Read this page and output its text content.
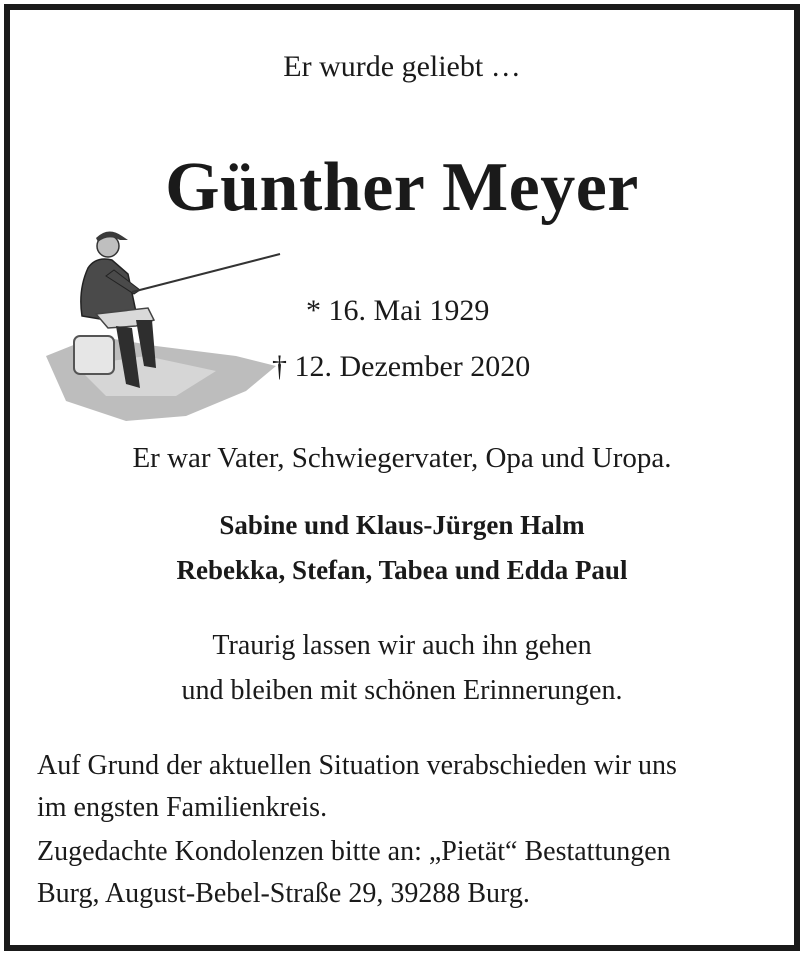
Er wurde geliebt …
Günther Meyer
* 16. Mai 1929
† 12. Dezember 2020
Er war Vater, Schwiegervater, Opa und Uropa.
Sabine und Klaus-Jürgen Halm
Rebekka, Stefan, Tabea und Edda Paul
Traurig lassen wir auch ihn gehen
und bleiben mit schönen Erinnerungen.
Auf Grund der aktuellen Situation verabschieden wir uns
im engsten Familienkreis.
Zugedachte Kondolenzen bitte an: „Pietät“ Bestattungen
Burg, August-Bebel-Straße 29, 39288 Burg.
